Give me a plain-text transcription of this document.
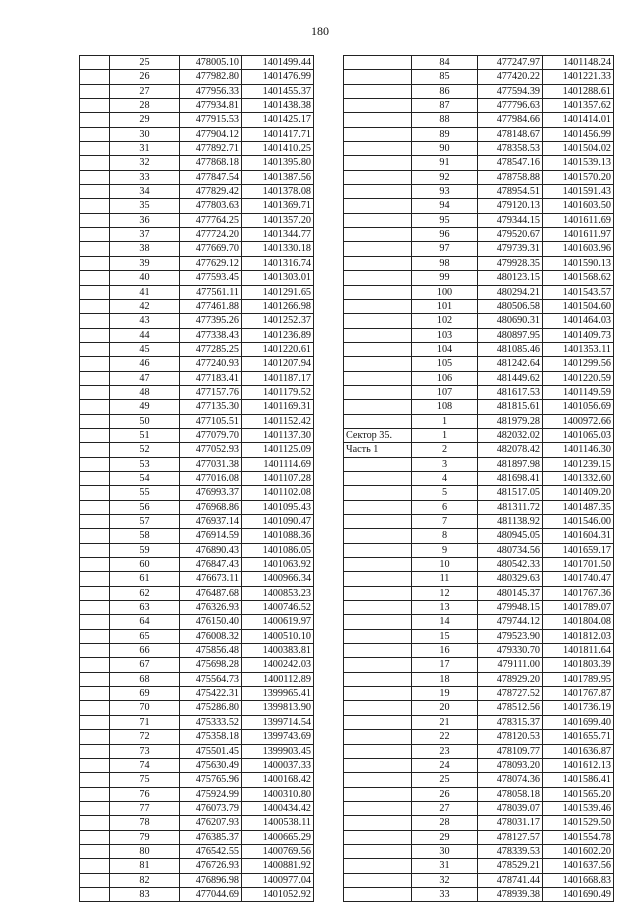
180
	25	478005.10	1401499.44
	26	477982.80	1401476.99
	27	477956.33	1401455.37
	28	477934.81	1401438.38
	29	477915.53	1401425.17
	30	477904.12	1401417.71
	31	477892.71	1401410.25
	32	477868.18	1401395.80
	33	477847.54	1401387.56
	34	477829.42	1401378.08
	35	477803.63	1401369.71
	36	477764.25	1401357.20
	37	477724.20	1401344.77
	38	477669.70	1401330.18
	39	477629.12	1401316.74
	40	477593.45	1401303.01
	41	477561.11	1401291.65
	42	477461.88	1401266.98
	43	477395.26	1401252.37
	44	477338.43	1401236.89
	45	477285.25	1401220.61
	46	477240.93	1401207.94
	47	477183.41	1401187.17
	48	477157.76	1401179.52
	49	477135.30	1401169.31
	50	477105.51	1401152.42
	51	477079.70	1401137.30
	52	477052.93	1401125.09
	53	477031.38	1401114.69
	54	477016.08	1401107.28
	55	476993.37	1401102.08
	56	476968.86	1401095.43
	57	476937.14	1401090.47
	58	476914.59	1401088.36
	59	476890.43	1401086.05
	60	476847.43	1401063.92
	61	476673.11	1400966.34
	62	476487.68	1400853.23
	63	476326.93	1400746.52
	64	476150.40	1400619.97
	65	476008.32	1400510.10
	66	475856.48	1400383.81
	67	475698.28	1400242.03
	68	475564.73	1400112.89
	69	475422.31	1399965.41
	70	475286.80	1399813.90
	71	475333.52	1399714.54
	72	475358.18	1399743.69
	73	475501.45	1399903.45
	74	475630.49	1400037.33
	75	475765.96	1400168.42
	76	475924.99	1400310.80
	77	476073.79	1400434.42
	78	476207.93	1400538.11
	79	476385.37	1400665.29
	80	476542.55	1400769.56
	81	476726.93	1400881.92
	82	476896.98	1400977.04
	83	477044.69	1401052.92
	84	477247.97	1401148.24
	85	477420.22	1401221.33
	86	477594.39	1401288.61
	87	477796.63	1401357.62
	88	477984.66	1401414.01
	89	478148.67	1401456.99
	90	478358.53	1401504.02
	91	478547.16	1401539.13
	92	478758.88	1401570.20
	93	478954.51	1401591.43
	94	479120.13	1401603.50
	95	479344.15	1401611.69
	96	479520.67	1401611.97
	97	479739.31	1401603.96
	98	479928.35	1401590.13
	99	480123.15	1401568.62
	100	480294.21	1401543.57
	101	480506.58	1401504.60
	102	480690.31	1401464.03
	103	480897.95	1401409.73
	104	481085.46	1401353.11
	105	481242.64	1401299.56
	106	481449.62	1401220.59
	107	481617.53	1401149.59
	108	481815.61	1401056.69
	1	481979.28	1400972.66
Сектор 35.	1	482032.02	1401065.03
Часть 1	2	482078.42	1401146.30
	3	481897.98	1401239.15
	4	481698.41	1401332.60
	5	481517.05	1401409.20
	6	481311.72	1401487.35
	7	481138.92	1401546.00
	8	480945.05	1401604.31
	9	480734.56	1401659.17
	10	480542.33	1401701.50
	11	480329.63	1401740.47
	12	480145.37	1401767.36
	13	479948.15	1401789.07
	14	479744.12	1401804.08
	15	479523.90	1401812.03
	16	479330.70	1401811.64
	17	479111.00	1401803.39
	18	478929.20	1401789.95
	19	478727.52	1401767.87
	20	478512.56	1401736.19
	21	478315.37	1401699.40
	22	478120.53	1401655.71
	23	478109.77	1401636.87
	24	478093.20	1401612.13
	25	478074.36	1401586.41
	26	478058.18	1401565.20
	27	478039.07	1401539.46
	28	478031.17	1401529.50
	29	478127.57	1401554.78
	30	478339.53	1401602.20
	31	478529.21	1401637.56
	32	478741.44	1401668.83
	33	478939.38	1401690.49
